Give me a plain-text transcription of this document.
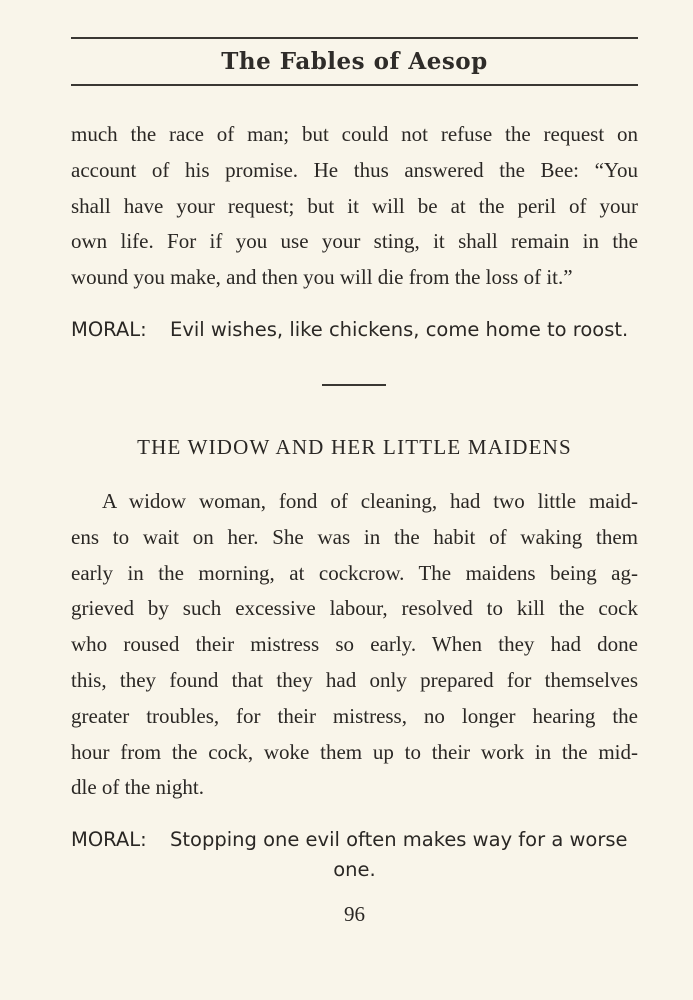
The Fables of Aesop

much the race of man; but could not refuse the request on
account of his promise. He thus answered the Bee: “You
shall have your request; but it will be at the peril of your
own life. For if you use your sting, it shall remain in the

wound you make, and then you will die from the loss of it.”

MORAL: Evil wishes, like chickens, come home to roost.
THE WIDOW AND HER LITTLE MAIDENS

A widow woman, fond of cleaning, had two little maid-
ens to wait on her. She was in the habit of waking them
early in the morning, at cockcrow. The maidens being ag-
grieved by such excessive labour, resolved to kill the cock
who roused their mistress so early. When they had done
this, they found that they had only prepared for themselves
greater troubles, for their mistress, no longer hearing the
hour from the cock, woke them up to their work in the mid-

dle of the night.

MORAL: Stopping one evil often makes way for a worse
one.
96
